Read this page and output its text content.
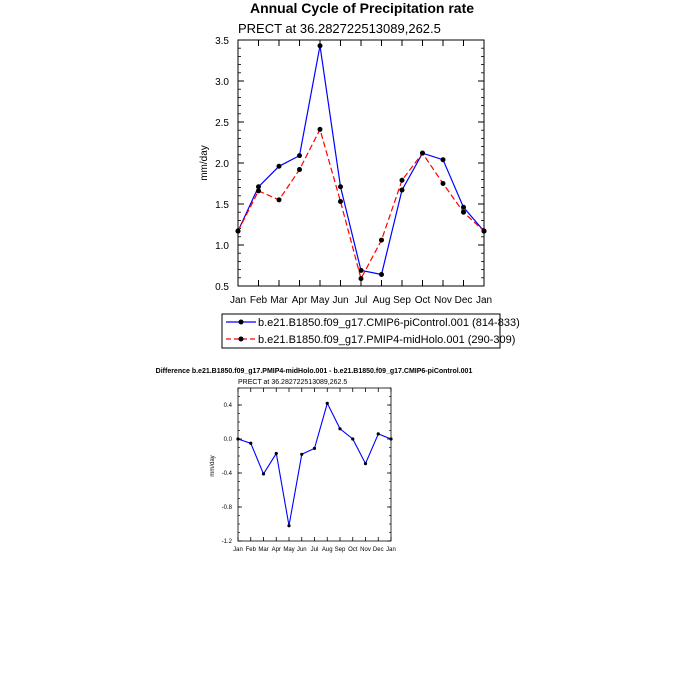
Annual Cycle of Precipitation rate
PRECT at 36.282722513089,262.5
mm/day
Jan Feb Mar Apr May Jun Jul Aug Sep Oct Nov Dec Jan
0.5
1.0
1.5
2.0
2.5
3.0
3.5
b.e21.B1850.f09_g17.CMIP6-piControl.001 (814-833)
b.e21.B1850.f09_g17.PMIP4-midHolo.001 (290-309)
Difference b.e21.B1850.f09_g17.PMIP4-midHolo.001 - b.e21.B1850.f09_g17.CMIP6-piControl.001
PRECT at 36.282722513089,262.5
mm/day
Jan Feb Mar Apr May Jun Jul Aug Sep Oct Nov Dec Jan
-1.2
-0.8
-0.4
0.0
0.4
